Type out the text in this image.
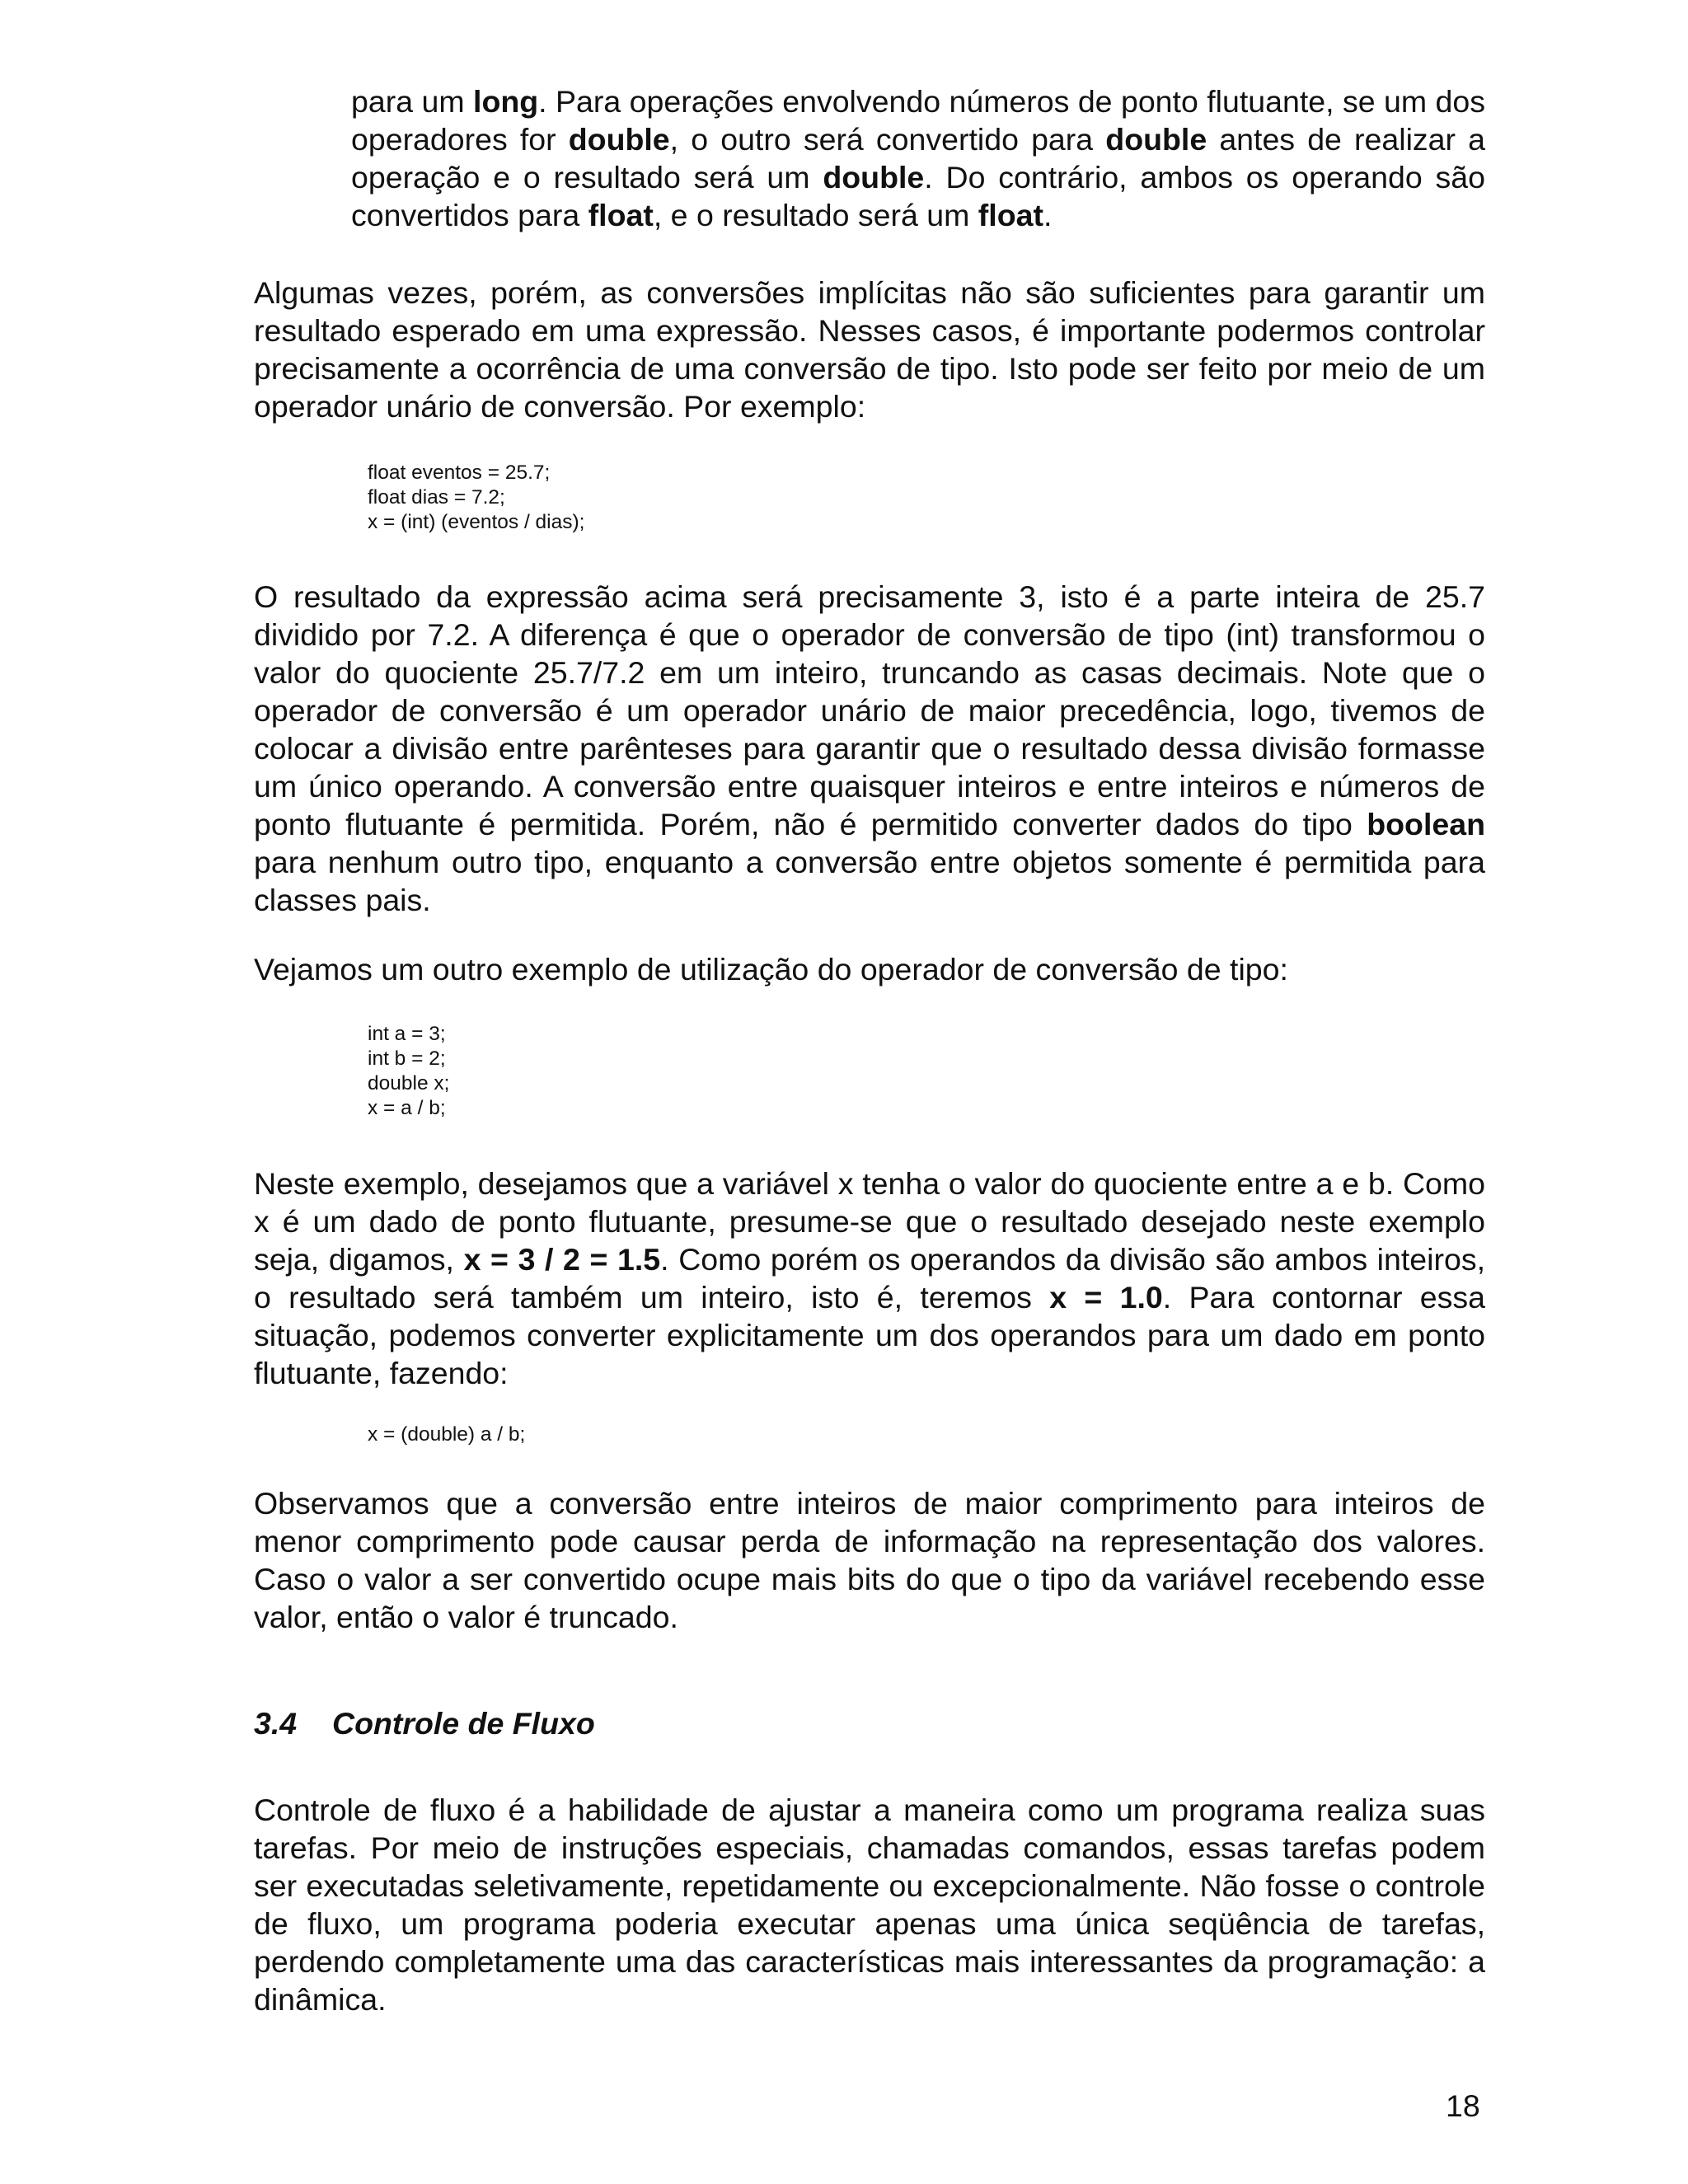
para um long. Para operações envolvendo números de ponto flutuante, se um dos operadores for double, o outro será convertido para double antes de realizar a operação e o resultado será um double. Do contrário, ambos os operando são convertidos para float, e o resultado será um float.

Algumas vezes, porém, as conversões implícitas não são suficientes para garantir um resultado esperado em uma expressão. Nesses casos, é importante podermos controlar precisamente a ocorrência de uma conversão de tipo. Isto pode ser feito por meio de um operador unário de conversão. Por exemplo:

float eventos = 25.7;
float dias = 7.2;
x = (int) (eventos / dias);

O resultado da expressão acima será precisamente 3, isto é a parte inteira de 25.7 dividido por 7.2. A diferença é que o operador de conversão de tipo (int) transformou o valor do quociente 25.7/7.2 em um inteiro, truncando as casas decimais. Note que o operador de conversão é um operador unário de maior precedência, logo, tivemos de colocar a divisão entre parênteses para garantir que o resultado dessa divisão formasse um único operando. A conversão entre quaisquer inteiros e entre inteiros e números de ponto flutuante é permitida. Porém, não é permitido converter dados do tipo boolean para nenhum outro tipo, enquanto a conversão entre objetos somente é permitida para classes pais.

Vejamos um outro exemplo de utilização do operador de conversão de tipo:

int a = 3;
int b = 2;
double x;
x = a / b;

Neste exemplo, desejamos que a variável x tenha o valor do quociente entre a e b. Como x é um dado de ponto flutuante, presume-se que o resultado desejado neste exemplo seja, digamos, x = 3 / 2 = 1.5. Como porém os operandos da divisão são ambos inteiros, o resultado será também um inteiro, isto é, teremos x = 1.0. Para contornar essa situação, podemos converter explicitamente um dos operandos para um dado em ponto flutuante, fazendo:

x = (double) a / b;

Observamos que a conversão entre inteiros de maior comprimento para inteiros de menor comprimento pode causar perda de informação na representação dos valores. Caso o valor a ser convertido ocupe mais bits do que o tipo da variável recebendo esse valor, então o valor é truncado.

3.4 Controle de Fluxo

Controle de fluxo é a habilidade de ajustar a maneira como um programa realiza suas tarefas. Por meio de instruções especiais, chamadas comandos, essas tarefas podem ser executadas seletivamente, repetidamente ou excepcionalmente. Não fosse o controle de fluxo, um programa poderia executar apenas uma única seqüência de tarefas, perdendo completamente uma das características mais interessantes da programação: a dinâmica.

18
